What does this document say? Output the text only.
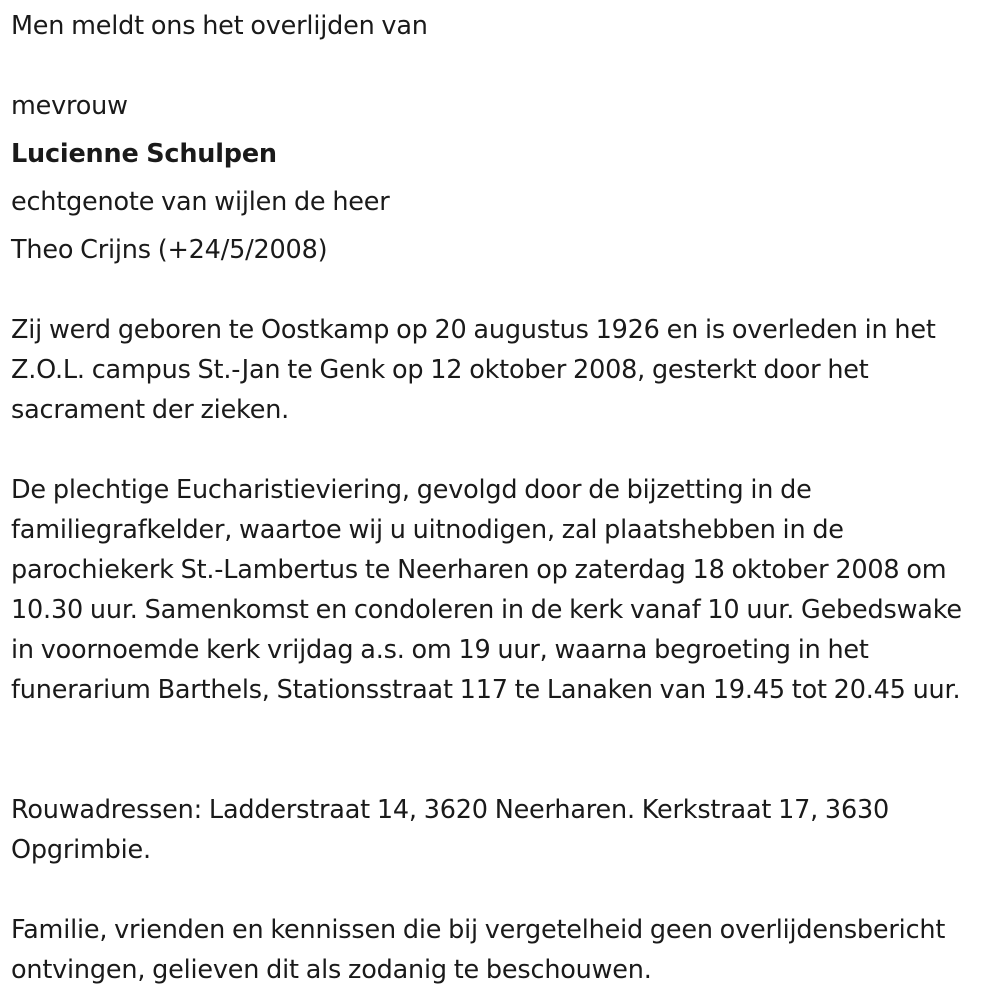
Men meldt ons het overlijden van
mevrouw
Lucienne Schulpen
echtgenote van wijlen de heer
Theo Crijns (+24/5/2008)
Zij werd geboren te Oostkamp op 20 augustus 1926 en is overleden in het Z.O.L. campus St.-Jan te Genk op 12 oktober 2008, gesterkt door het sacrament der zieken.
De plechtige Eucharistieviering, gevolgd door de bijzetting in de familiegrafkelder, waartoe wij u uitnodigen, zal plaatshebben in de parochiekerk St.-Lambertus te Neerharen op zaterdag 18 oktober 2008 om 10.30 uur. Samenkomst en condoleren in de kerk vanaf 10 uur. Gebedswake in voornoemde kerk vrijdag a.s. om 19 uur, waarna begroeting in het funerarium Barthels, Stationsstraat 117 te Lanaken van 19.45 tot 20.45 uur.
Rouwadressen: Ladderstraat 14, 3620 Neerharen. Kerkstraat 17, 3630 Opgrimbie.
Familie, vrienden en kennissen die bij vergetelheid geen overlijdensbericht ontvingen, gelieven dit als zodanig te beschouwen.
